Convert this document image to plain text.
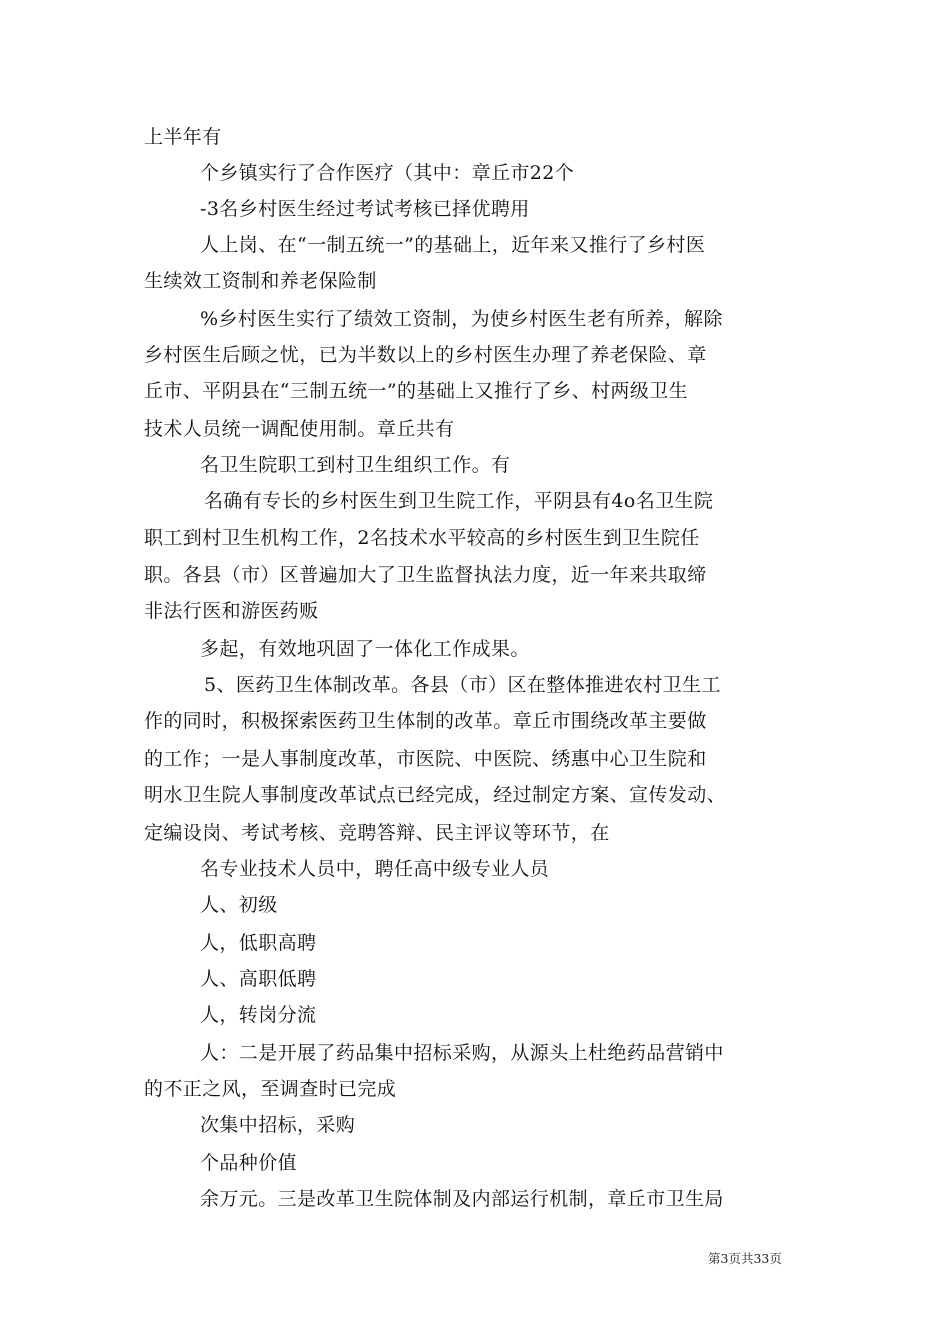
上半年有
个乡镇实行了合作医疗（其中：章丘市22个
-3名乡村医生经过考试考核已择优聘用
人上岗、在“一制五统一”的基础上，近年来又推行了乡村医
生续效工资制和养老保险制
%乡村医生实行了绩效工资制，为使乡村医生老有所养，解除
乡村医生后顾之忧，已为半数以上的乡村医生办理了养老保险、章
丘市、平阴县在“三制五统一”的基础上又推行了乡、村两级卫生
技术人员统一调配使用制。章丘共有
名卫生院职工到村卫生组织工作。有
名确有专长的乡村医生到卫生院工作，平阴县有4o名卫生院
职工到村卫生机构工作，2名技术水平较高的乡村医生到卫生院任
职。各县（市）区普遍加大了卫生监督执法力度，近一年来共取缔
非法行医和游医药贩
多起，有效地巩固了一体化工作成果。
5、医药卫生体制改革。各县（市）区在整体推进农村卫生工
作的同时，积极探索医药卫生体制的改革。章丘市围绕改革主要做
的工作；一是人事制度改革，市医院、中医院、绣惠中心卫生院和
明水卫生院人事制度改革试点已经完成，经过制定方案、宣传发动、
定编设岗、考试考核、竞聘答辩、民主评议等环节，在
名专业技术人员中，聘任高中级专业人员
人、初级
人，低职高聘
人、高职低聘
人，转岗分流
人：二是开展了药品集中招标采购，从源头上杜绝药品营销中
的不正之风，至调查时已完成
次集中招标，采购
个品种价值
余万元。三是改革卫生院体制及内部运行机制，章丘市卫生局
第3页共33页
